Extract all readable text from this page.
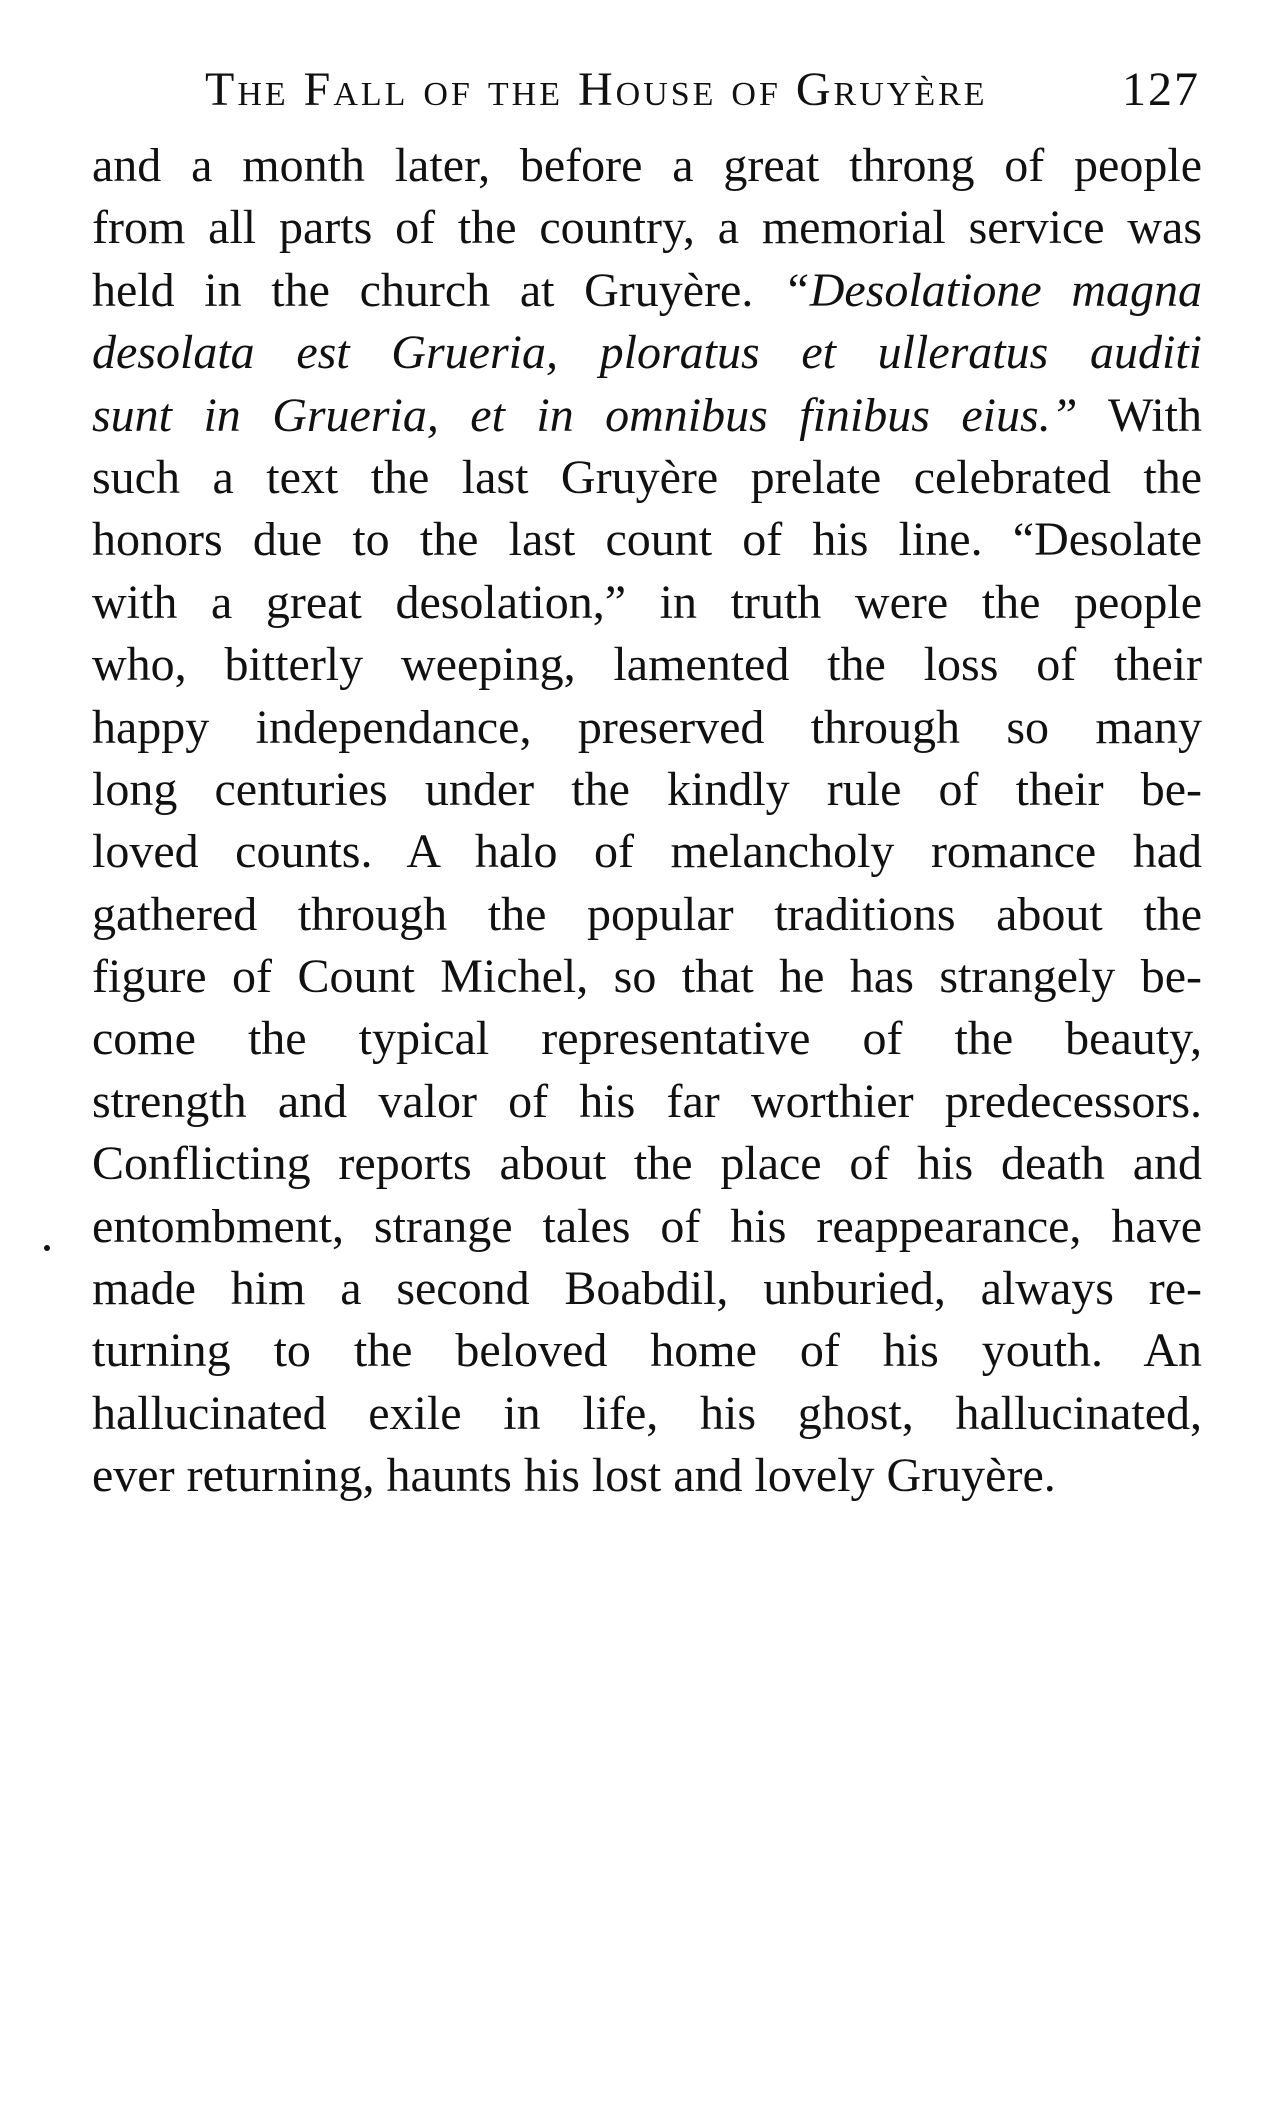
The Fall of the House of Gruyère	127
and a month later, before a great throng of people
from all parts of the country, a memorial service was
held in the church at Gruyère. “Desolatione magna
desolata est Grueria, ploratus et ulleratus auditi
sunt in Grueria, et in omnibus finibus eius.” With
such a text the last Gruyère prelate celebrated the
honors due to the last count of his line. “Desolate
with a great desolation,” in truth were the people
who, bitterly weeping, lamented the loss of their
happy independance, preserved through so many
long centuries under the kindly rule of their be-
loved counts. A halo of melancholy romance had
gathered through the popular traditions about the
figure of Count Michel, so that he has strangely be-
come the typical representative of the beauty,
strength and valor of his far worthier predecessors.
Conflicting reports about the place of his death and
entombment, strange tales of his reappearance, have
made him a second Boabdil, unburied, always re-
turning to the beloved home of his youth. An
hallucinated exile in life, his ghost, hallucinated,
ever returning, haunts his lost and lovely Gruyère.
